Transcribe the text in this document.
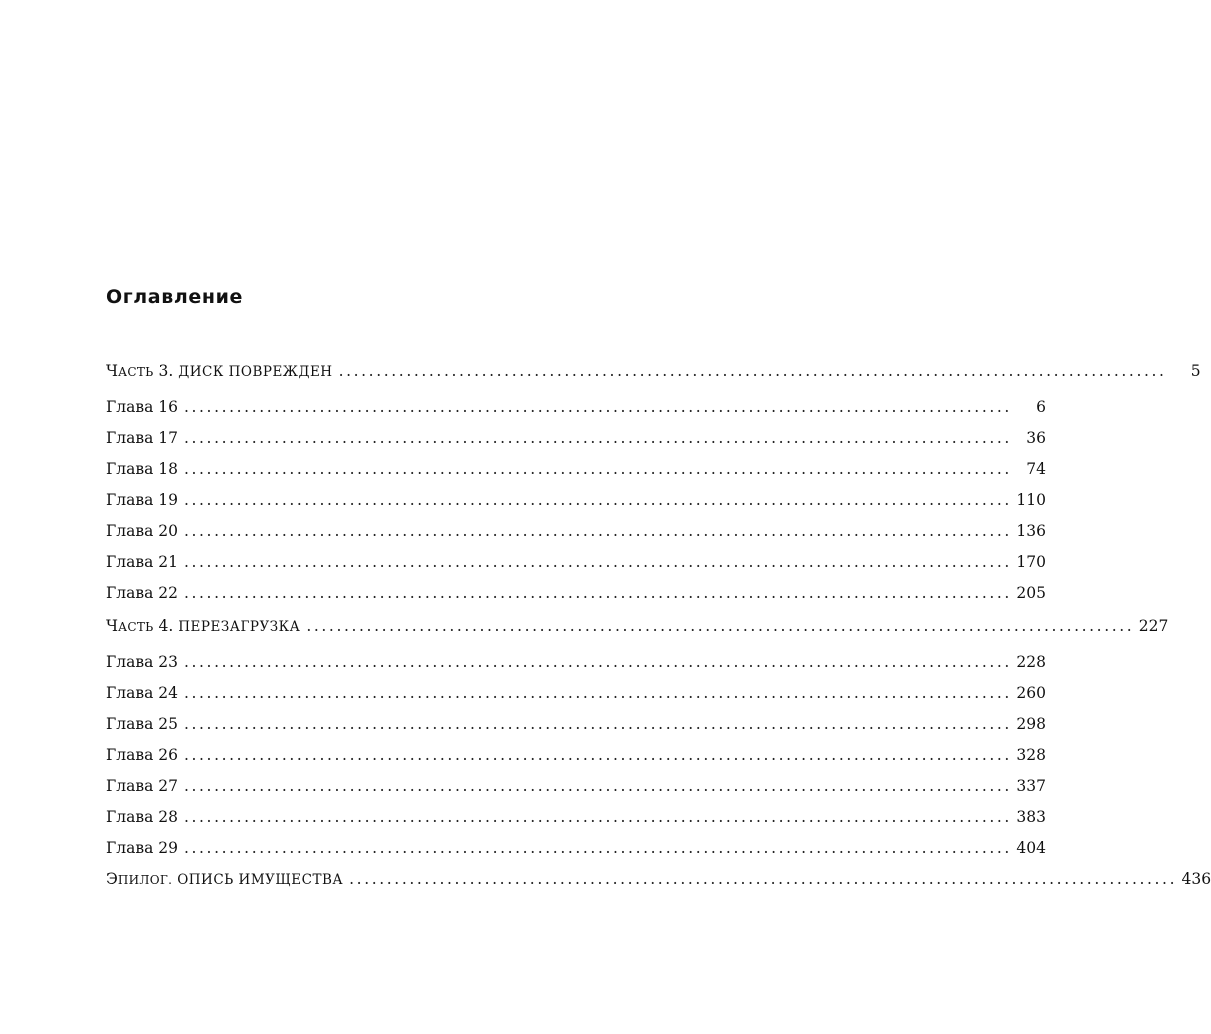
Оглавление
ЧАСТЬ 3. ДИСК ПОВРЕЖДЕН ..............................................................................................................	5
Глава 16 ..............................................................................................................	6
Глава 17 .............................................................................................................. 36
Глава 18 .............................................................................................................. 74
Глава 19 .............................................................................................................. 110
Глава 20 .............................................................................................................. 136
Глава 21 .............................................................................................................. 170
Глава 22 .............................................................................................................. 205
ЧАСТЬ 4. ПЕРЕЗАГРУЗКА .............................................................................................................. 227
Глава 23 .............................................................................................................. 228
Глава 24 .............................................................................................................. 260
Глава 25 .............................................................................................................. 298
Глава 26 .............................................................................................................. 328
Глава 27 .............................................................................................................. 337
Глава 28 .............................................................................................................. 383
Глава 29 .............................................................................................................. 404
ЭПИЛОГ. ОПИСЬ ИМУЩЕСТВА .............................................................................................................. 436
